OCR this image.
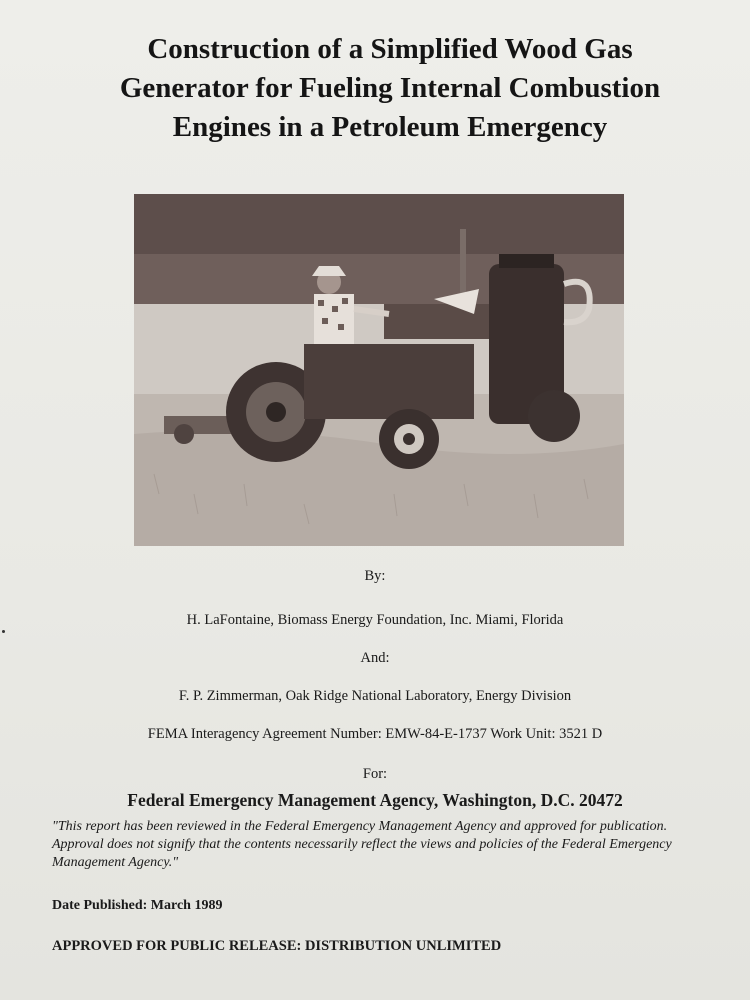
Construction of a Simplified Wood Gas
Generator for Fueling Internal Combustion
Engines in a Petroleum Emergency
By:
H. LaFontaine, Biomass Energy Foundation, Inc. Miami, Florida
And:
F. P. Zimmerman, Oak Ridge National Laboratory, Energy Division
FEMA Interagency Agreement Number: EMW-84-E-1737 Work Unit: 3521 D
For:
Federal Emergency Management Agency, Washington, D.C. 20472
"This report has been reviewed in the Federal Emergency Management Agency and approved for publication. Approval does not signify that the contents necessarily reflect the views and policies of the Federal Emergency Management Agency."
Date Published: March 1989
APPROVED FOR PUBLIC RELEASE: DISTRIBUTION UNLIMITED
